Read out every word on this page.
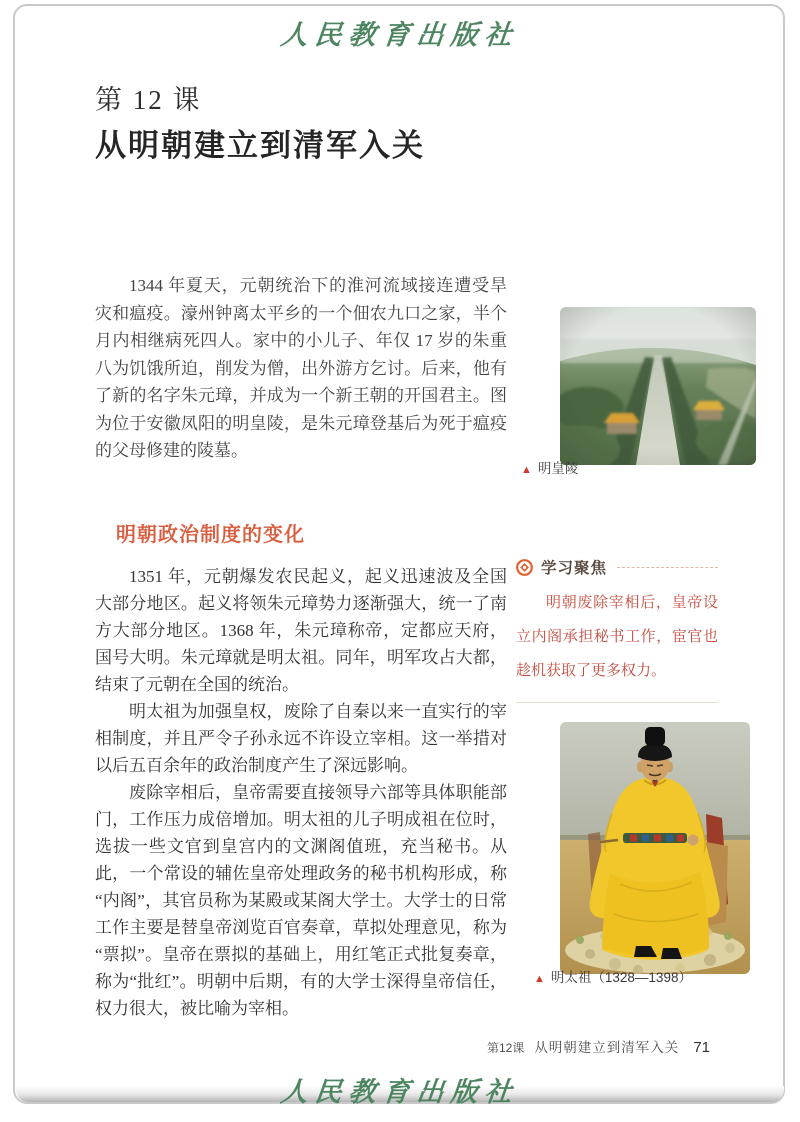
人民教育出版社
第 12 课
从明朝建立到清军入关

1344 年夏天，元朝统治下的淮河流域接连遭受旱灾和瘟疫。濠州钟离太平乡的一个佃农九口之家，半个月内相继病死四人。家中的小儿子、年仅 17 岁的朱重八为饥饿所迫，削发为僧，出外游方乞讨。后来，他有了新的名字朱元璋，并成为一个新王朝的开国君主。图为位于安徽凤阳的明皇陵，是朱元璋登基后为死于瘟疫的父母修建的陵墓。

明朝政治制度的变化

1351 年，元朝爆发农民起义，起义迅速波及全国大部分地区。起义将领朱元璋势力逐渐强大，统一了南方大部分地区。1368 年，朱元璋称帝，定都应天府，国号大明。朱元璋就是明太祖。同年，明军攻占大都，结束了元朝在全国的统治。

明太祖为加强皇权，废除了自秦以来一直实行的宰相制度，并且严令子孙永远不许设立宰相。这一举措对以后五百余年的政治制度产生了深远影响。

废除宰相后，皇帝需要直接领导六部等具体职能部门，工作压力成倍增加。明太祖的儿子明成祖在位时，选拔一些文官到皇宫内的文渊阁值班，充当秘书。从此，一个常设的辅佐皇帝处理政务的秘书机构形成，称“内阁”，其官员称为某殿或某阁大学士。大学士的日常工作主要是替皇帝浏览百官奏章，草拟处理意见，称为“票拟”。皇帝在票拟的基础上，用红笔正式批复奏章，称为“批红”。明朝中后期，有的大学士深得皇帝信任，权力很大，被比喻为宰相。

▲ 明皇陵

学习聚焦

明朝废除宰相后，皇帝设立内阁承担秘书工作，宦官也趁机获取了更多权力。

▲ 明太祖（1328—1398）

第12课 从明朝建立到清军入关 71
人民教育出版社
